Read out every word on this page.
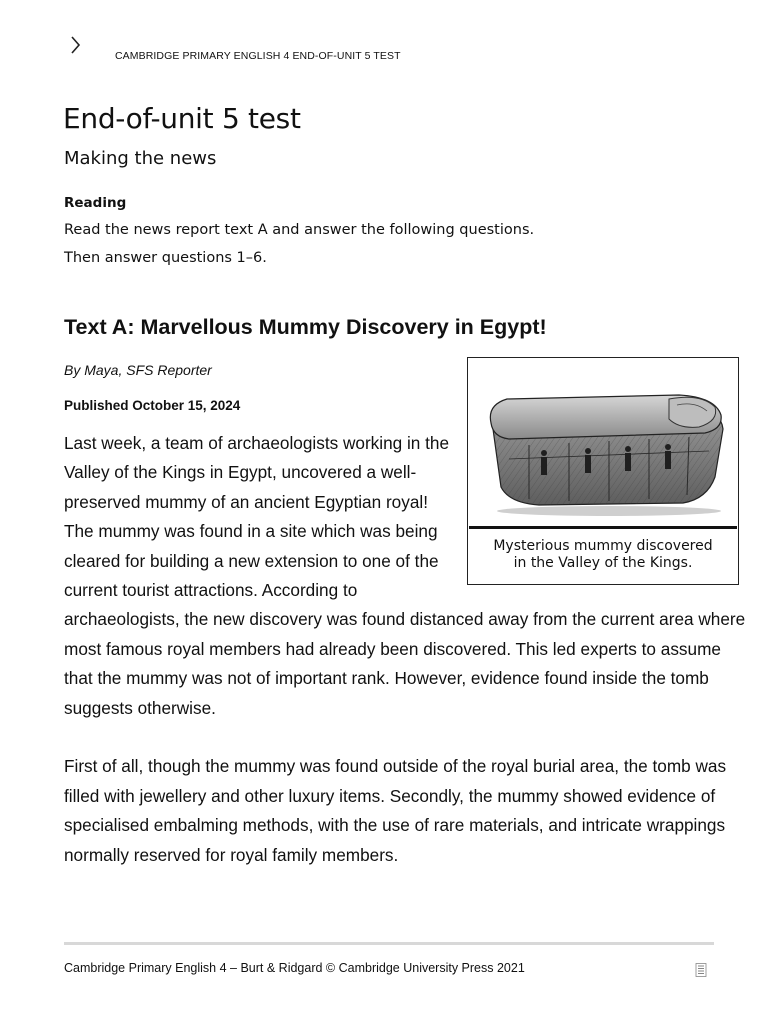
CAMBRIDGE PRIMARY ENGLISH 4 END-OF-UNIT 5 TEST
End-of-unit 5 test
Making the news
Reading
Read the news report text A and answer the following questions.
Then answer questions 1–6.
Text A: Marvellous Mummy Discovery in Egypt!
By Maya, SFS Reporter
Published October 15, 2024

Last week, a team of archaeologists working in the Valley of the Kings in Egypt, uncovered a well-preserved mummy of an ancient Egyptian royal! The mummy was found in a site which was being cleared for building a new extension to one of the current tourist attractions. According to archaeologists, the new discovery was found distanced away from the current area where most famous royal members had already been discovered. This led experts to assume that the mummy was not of important rank. However, evidence found inside the tomb suggests otherwise.

First of all, though the mummy was found outside of the royal burial area, the tomb was filled with jewellery and other luxury items. Secondly, the mummy showed evidence of specialised embalming methods, with the use of rare materials, and intricate wrappings normally reserved for royal family members.

Mysterious mummy discovered
in the Valley of the Kings.
Cambridge Primary English 4 – Burt & Ridgard © Cambridge University Press 2021
